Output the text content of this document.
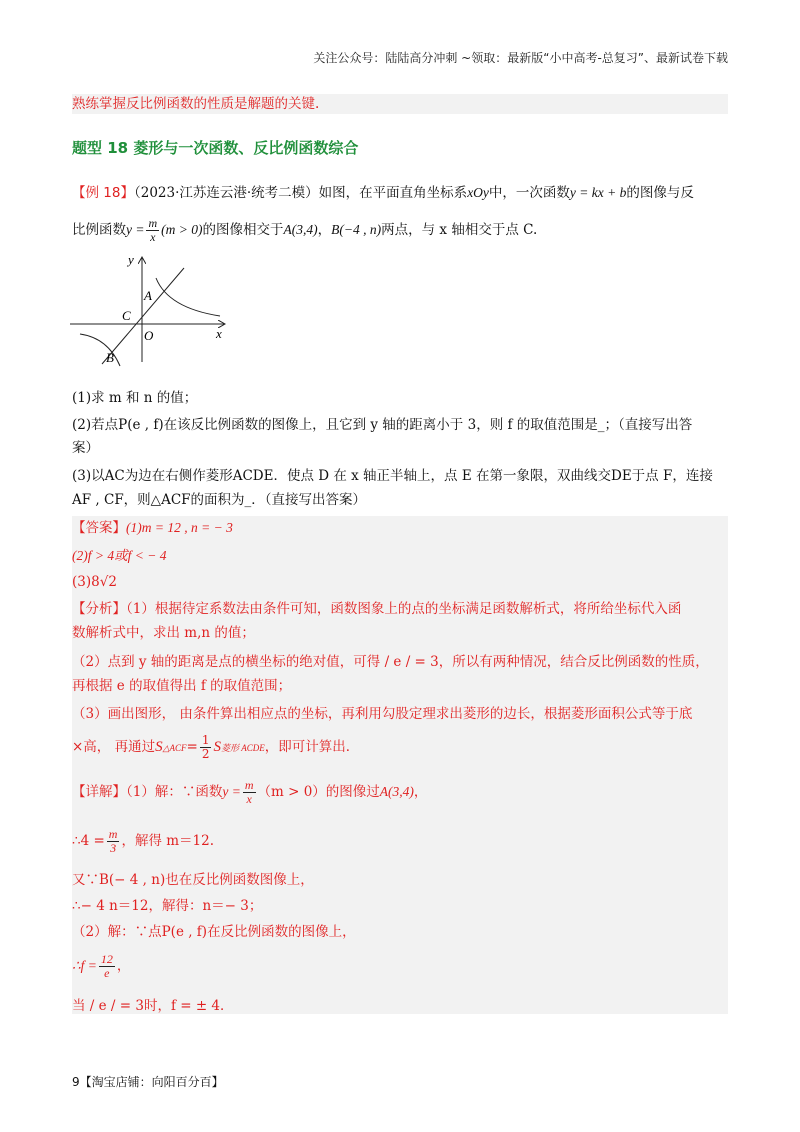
关注公众号：陆陆高分冲刺 ~领取：最新版“小中高考-总复习”、最新试卷下载
熟练掌握反比例函数的性质是解题的关键.
题型 18 菱形与一次函数、反比例函数综合
【例 18】（2023·江苏连云港·统考二模）如图，在平面直角坐标系xOy中，一次函数y = kx + b的图像与反
比例函数$y = \frac{m}{x} (m > 0)$的图像相交于A(3,4)，B(−4 , n)两点，与 x 轴相交于点 C.
y
x
A
B
C
O
(1)求 m 和 n 的值；
(2)若点P(e , f)在该反比例函数的图像上，且它到 y 轴的距离小于 3，则 f 的取值范围是_；（直接写出答
案）
(3)以AC为边在右侧作菱形ACDE．使点 D 在 x 轴正半轴上，点 E 在第一象限，双曲线交DE于点 F，连接
AF , CF，则△ACF的面积为_．（直接写出答案）
【答案】(1)m = 12 , n = − 3
(2)f > 4或f < − 4
(3)8√2
【分析】（1）根据待定系数法由条件可知，函数图象上的点的坐标满足函数解析式，将所给坐标代入函
数解析式中，求出 m,n 的值；
（2）点到 y 轴的距离是点的横坐标的绝对值，可得 / e / = 3，所以有两种情况，结合反比例函数的性质，
再根据 e 的取值得出 f 的取值范围；
（3）画出图形， 由条件算出相应点的坐标，再利用勾股定理求出菱形的边长，根据菱形面积公式等于底
×高， 再通过S△ACF= $\frac{1}{2}$ S菱形 ACDE，即可计算出．
【详解】（1）解：∵函数$y = \frac{m}{x} (m > 0)$的图像过A(3,4)，
∴4 = $\frac{m}{3}$ ，解得 m＝12.
又∵B(− 4 , n)也在反比例函数图像上，
∴− 4 n＝12，解得：n＝− 3；
（2）解：∵点P(e , f)在反比例函数的图像上，
∴f = $\frac{12}{e}$ ，
当 / e / = 3时，f = ± 4．
9【淘宝店铺：向阳百分百】
